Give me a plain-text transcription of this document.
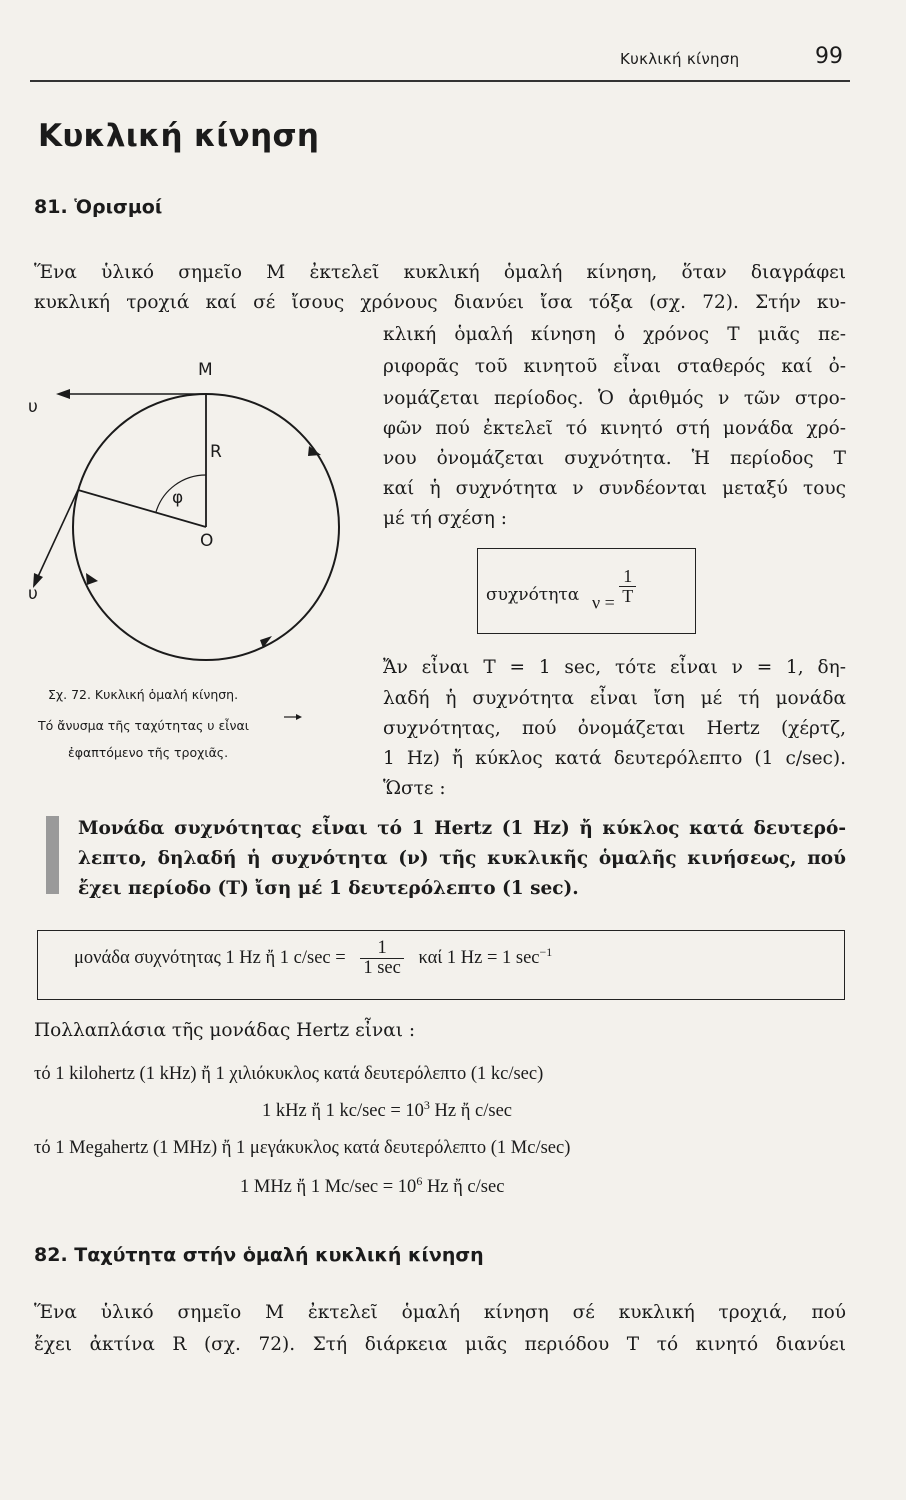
Κυκλική κίνηση	99
Κυκλική κίνηση
81. Ὁρισμοί
Ἕνα ὑλικό σημεῖο Μ ἐκτελεῖ κυκλική ὁμαλή κίνηση, ὅταν διαγράφει
κυκλική τροχιά καί σέ ἴσους χρόνους διανύει ἴσα τόξα (σχ. 72). Στήν κυ-
κλική ὁμαλή κίνηση ὁ χρόνος Τ μιᾶς πε-
ριφορᾶς τοῦ κινητοῦ εἶναι σταθερός καί ὀ-
νομάζεται περίοδος. Ὁ ἀριθμός ν τῶν στρο-
φῶν πού ἐκτελεῖ τό κινητό στή μονάδα χρό-
νου ὀνομάζεται συχνότητα. Ἡ περίοδος Τ
καί ἡ συχνότητα ν συνδέονται μεταξύ τους
μέ τή σχέση :
M
R
φ
O
υ
υ
Σχ. 72. Κυκλική ὁμαλή κίνηση.
Τό ἄνυσμα τῆς ταχύτητας υ εἶναι
ἐφαπτόμενο τῆς τροχιᾶς.
συχνότητα $\nu = \frac{1}{T}$
Ἄν εἶναι Τ = 1 sec, τότε εἶναι ν = 1, δη-
λαδή ἡ συχνότητα εἶναι ἴση μέ τή μονάδα
συχνότητας, πού ὀνομάζεται Hertz (χέρτζ,
1 Hz) ἤ κύκλος κατά δευτερόλεπτο (1 c/sec).
Ὥστε :
Μονάδα συχνότητας εἶναι τό 1 Hertz (1 Hz) ἤ κύκλος κατά δευτερό-
λεπτο, δηλαδή ἡ συχνότητα (ν) τῆς κυκλικῆς ὁμαλῆς κινήσεως, πού
ἔχει περίοδο (Τ) ἴση μέ 1 δευτερόλεπτο (1 sec).
μονάδα συχνότητας 1 Hz ἤ 1 $c/\sec = \frac{1}{1 \sec}$ καί 1 Hz = 1 $\sec^{-1}$
Πολλαπλάσια τῆς μονάδας Hertz εἶναι :
τό 1 kilohertz (1 kHz) ἤ 1 χιλιόκυκλος κατά δευτερόλεπτο (1 kc/sec)
1 kHz ἤ 1 $kc/\sec = 10^3$ Hz ἤ c/sec
τό 1 Megahertz (1 MHz) ἤ 1 μεγάκυκλος κατά δευτερόλεπτο (1 Mc/sec)
1 MHz ἤ 1 $Mc/\sec = 10^6$ Hz ἤ c/sec
82. Ταχύτητα στήν ὁμαλή κυκλική κίνηση
Ἕνα ὑλικό σημεῖο Μ ἐκτελεῖ ὁμαλή κίνηση σέ κυκλική τροχιά, πού
ἔχει ἀκτίνα R (σχ. 72). Στή διάρκεια μιᾶς περιόδου Τ τό κινητό διανύει
